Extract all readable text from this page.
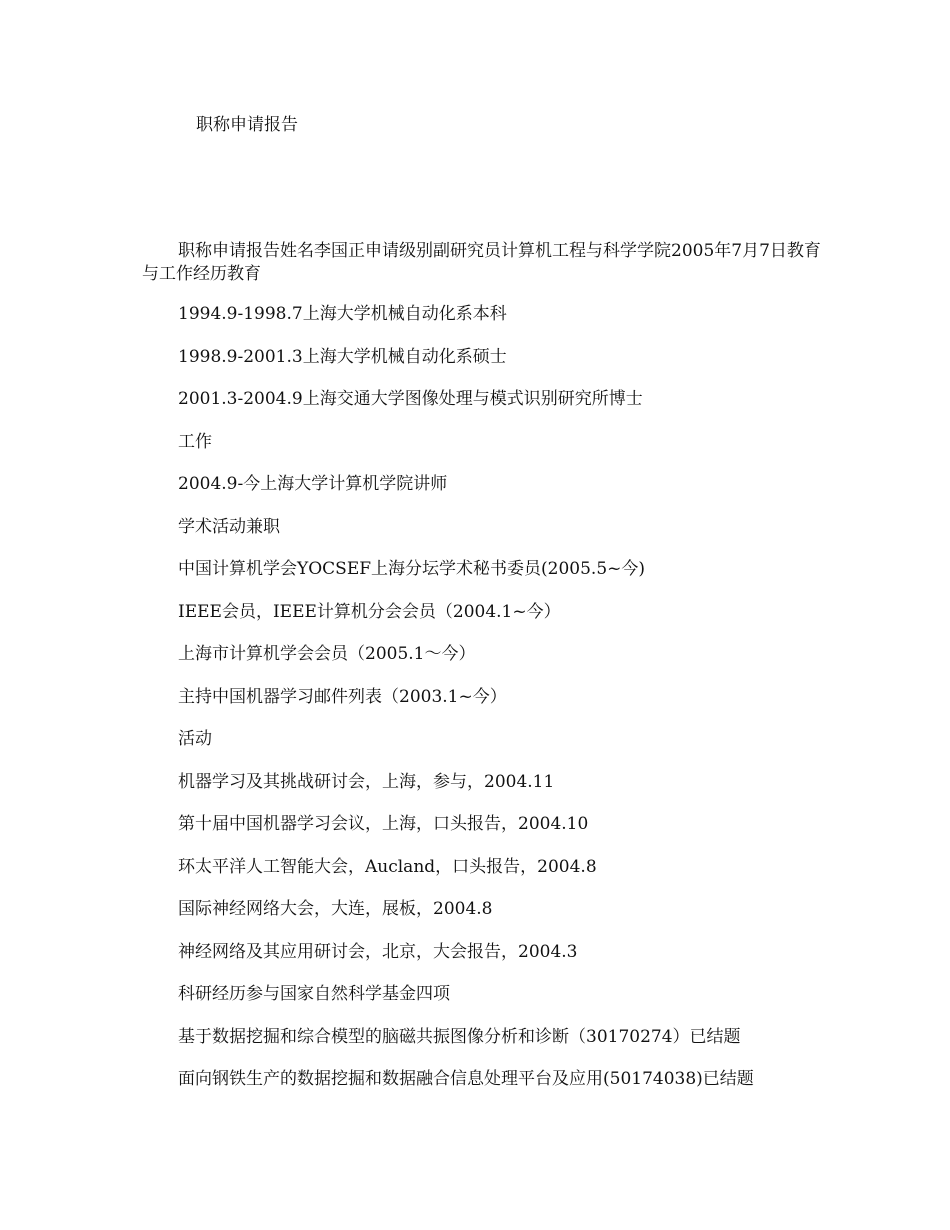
职称申请报告

职称申请报告姓名李国正申请级别副研究员计算机工程与科学学院2005年7月7日教育与工作经历教育

1994.9-1998.7上海大学机械自动化系本科
1998.9-2001.3上海大学机械自动化系硕士
2001.3-2004.9上海交通大学图像处理与模式识别研究所博士
工作
2004.9-今上海大学计算机学院讲师
学术活动兼职
中国计算机学会YOCSEF上海分坛学术秘书委员(2005.5~今)
IEEE会员，IEEE计算机分会会员（2004.1~今）
上海市计算机学会会员（2005.1～今）
主持中国机器学习邮件列表（2003.1~今）
活动
机器学习及其挑战研讨会，上海，参与，2004.11
第十届中国机器学习会议，上海，口头报告，2004.10
环太平洋人工智能大会，Aucland，口头报告，2004.8
国际神经网络大会，大连，展板，2004.8
神经网络及其应用研讨会，北京，大会报告，2004.3
科研经历参与国家自然科学基金四项
基于数据挖掘和综合模型的脑磁共振图像分析和诊断（30170274）已结题
面向钢铁生产的数据挖掘和数据融合信息处理平台及应用(50174038)已结题
